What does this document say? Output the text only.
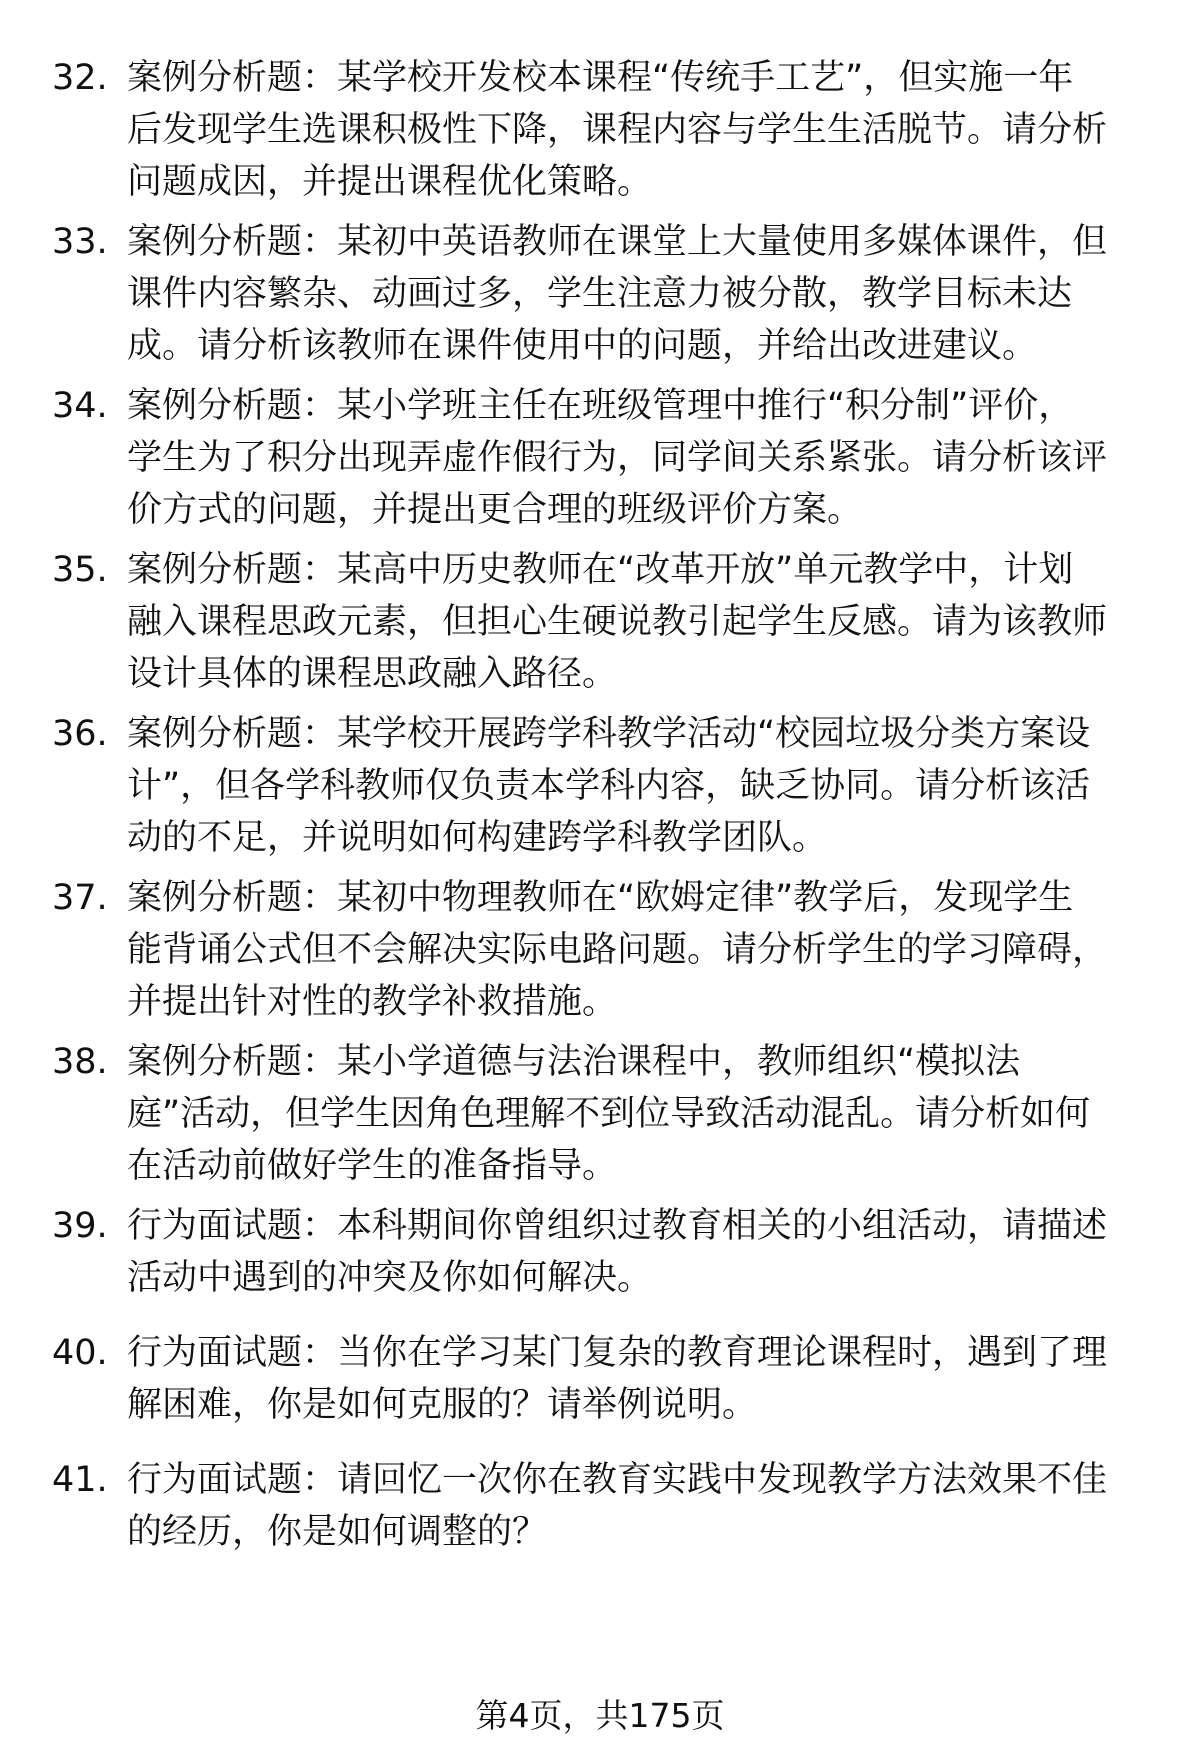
32. 案例分析题：某学校开发校本课程“传统手工艺”，但实施一年
后发现学生选课积极性下降，课程内容与学生生活脱节。请分析
问题成因，并提出课程优化策略。
33. 案例分析题：某初中英语教师在课堂上大量使用多媒体课件，但
课件内容繁杂、动画过多，学生注意力被分散，教学目标未达
成。请分析该教师在课件使用中的问题，并给出改进建议。
34. 案例分析题：某小学班主任在班级管理中推行“积分制”评价，
学生为了积分出现弄虚作假行为，同学间关系紧张。请分析该评
价方式的问题，并提出更合理的班级评价方案。
35. 案例分析题：某高中历史教师在“改革开放”单元教学中，计划
融入课程思政元素，但担心生硬说教引起学生反感。请为该教师
设计具体的课程思政融入路径。
36. 案例分析题：某学校开展跨学科教学活动“校园垃圾分类方案设
计”，但各学科教师仅负责本学科内容，缺乏协同。请分析该活
动的不足，并说明如何构建跨学科教学团队。
37. 案例分析题：某初中物理教师在“欧姆定律”教学后，发现学生
能背诵公式但不会解决实际电路问题。请分析学生的学习障碍，
并提出针对性的教学补救措施。
38. 案例分析题：某小学道德与法治课程中，教师组织“模拟法
庭”活动，但学生因角色理解不到位导致活动混乱。请分析如何
在活动前做好学生的准备指导。
39. 行为面试题：本科期间你曾组织过教育相关的小组活动，请描述
活动中遇到的冲突及你如何解决。
40. 行为面试题：当你在学习某门复杂的教育理论课程时，遇到了理
解困难，你是如何克服的？请举例说明。
41. 行为面试题：请回忆一次你在教育实践中发现教学方法效果不佳
的经历，你是如何调整的？
第4页，共175页
